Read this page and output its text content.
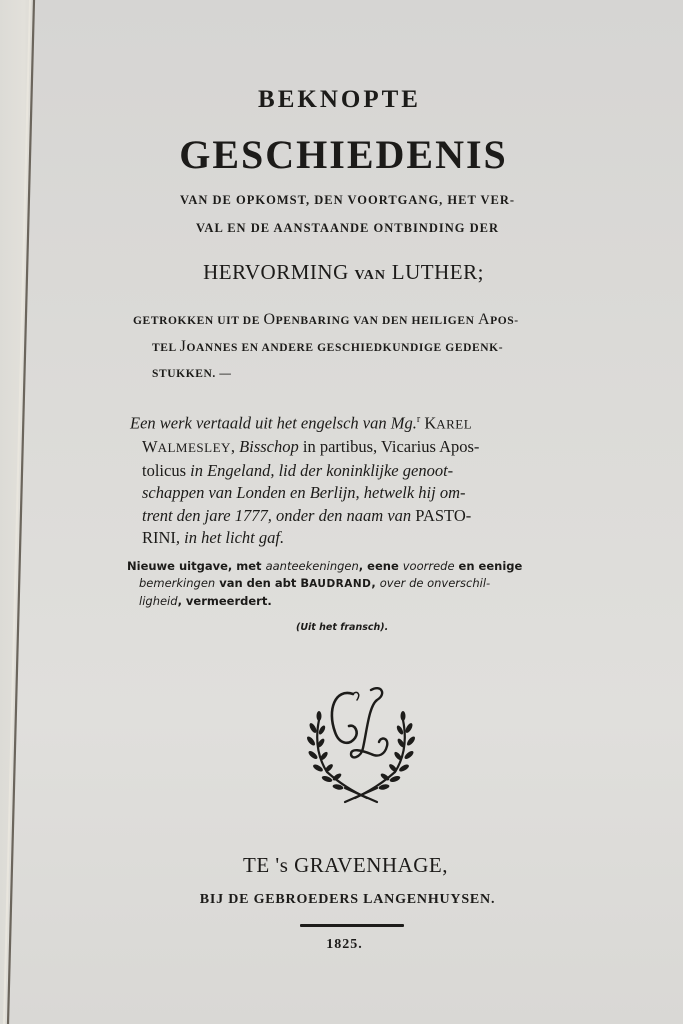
BEKNOPTE
GESCHIEDENIS
VAN DE OPKOMST, DEN VOORTGANG, HET VER-
VAL EN DE AANSTAANDE ONTBINDING DER
HERVORMING VAN LUTHER;
GETROKKEN UIT DE OPENBARING VAN DEN HEILIGEN APOS-
TEL JOANNES EN ANDERE GESCHIEDKUNDIGE GEDENK-
STUKKEN. —
Een werk vertaald uit het engelsch van Mg.$^r$ KAREL
WALMESLEY, Bisschop in partibus, Vicarius Apos-
tolicus in Engeland, lid der koninklijke genoot-
schappen van Londen en Berlijn, hetwelk hij om-
trent den jare 1777, onder den naam van PASTO-
RINI, in het licht gaf.
Nieuwe uitgave, met aanteekeningen, eene voorrede en eenige
bemerkingen van den abt BAUDRAND, over de onverschil-
ligheid, vermeerdert.
(Uit het fransch).
TE 's GRAVENHAGE,
BIJ DE GEBROEDERS LANGENHUYSEN.
1825.
